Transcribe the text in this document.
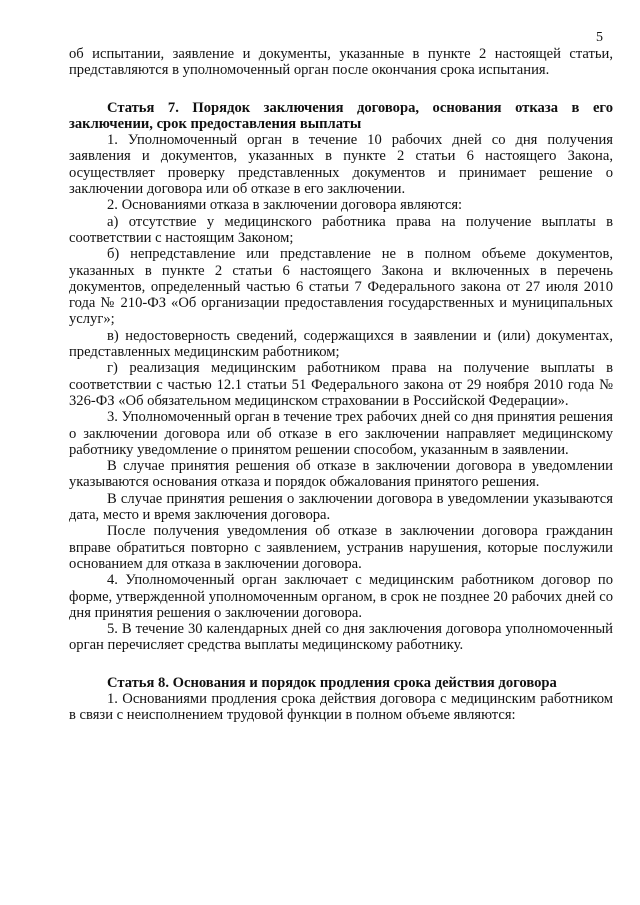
5

об испытании, заявление и документы, указанные в пункте 2 настоящей статьи, представляются в уполномоченный орган после окончания срока испытания.

Статья 7. Порядок заключения договора, основания отказа в его заключении, срок предоставления выплаты

1. Уполномоченный орган в течение 10 рабочих дней со дня получения заявления и документов, указанных в пункте 2 статьи 6 настоящего Закона, осуществляет проверку представленных документов и принимает решение о заключении договора или об отказе в его заключении.

2. Основаниями отказа в заключении договора являются:

а) отсутствие у медицинского работника права на получение выплаты в соответствии с настоящим Законом;

б) непредставление или представление не в полном объеме документов, указанных в пункте 2 статьи 6 настоящего Закона и включенных в перечень документов, определенный частью 6 статьи 7 Федерального закона от 27 июля 2010 года № 210-ФЗ «Об организации предоставления государственных и муниципальных услуг»;

в) недостоверность сведений, содержащихся в заявлении и (или) документах, представленных медицинским работником;

г) реализация медицинским работником права на получение выплаты в соответствии с частью 12.1 статьи 51 Федерального закона от 29 ноября 2010 года № 326-ФЗ «Об обязательном медицинском страховании в Российской Федерации».

3. Уполномоченный орган в течение трех рабочих дней со дня принятия решения о заключении договора или об отказе в его заключении направляет медицинскому работнику уведомление о принятом решении способом, указанным в заявлении.

В случае принятия решения об отказе в заключении договора в уведомлении указываются основания отказа и порядок обжалования принятого решения.

В случае принятия решения о заключении договора в уведомлении указываются дата, место и время заключения договора.

После получения уведомления об отказе в заключении договора гражданин вправе обратиться повторно с заявлением, устранив нарушения, которые послужили основанием для отказа в заключении договора.

4. Уполномоченный орган заключает с медицинским работником договор по форме, утвержденной уполномоченным органом, в срок не позднее 20 рабочих дней со дня принятия решения о заключении договора.

5. В течение 30 календарных дней со дня заключения договора уполномоченный орган перечисляет средства выплаты медицинскому работнику.

Статья 8. Основания и порядок продления срока действия договора

1. Основаниями продления срока действия договора с медицинским работником в связи с неисполнением трудовой функции в полном объеме являются:
